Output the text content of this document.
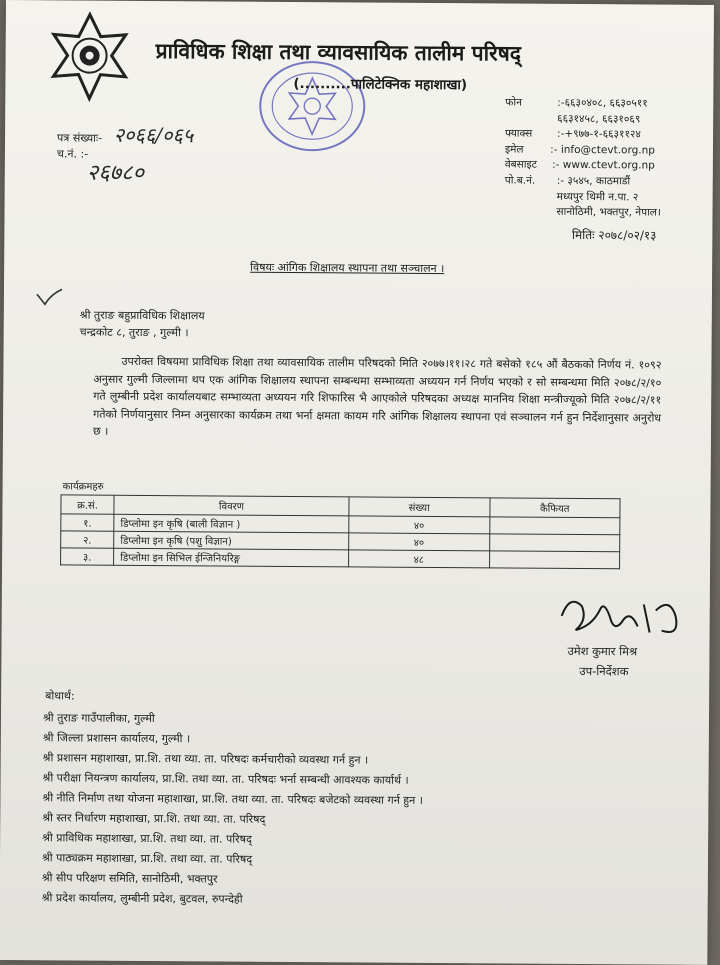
प्राविधिक शिक्षा तथा व्यावसायिक तालीम परिषद्
(..........पालिटेक्निक महाशाखा)
फोन	:-६६३०४०८, ६६३०५११
६६३१४५८, ६६३१०६९
फ्याक्स	:-+९७७-१-६६३११२४
इमेल	:- info@ctevt.org.np
वेबसाइट	:- www.ctevt.org.np
पो.ब.नं.	:- ३५४५, काठमाडौं
मध्यपुर थिमी न.पा. २
सानोठिमी, भक्तपुर, नेपाल।
पत्र संख्याः- २०६६/०६५
च.नं. :-
२६७८०
मितिः २०७८/०२/१३
विषयः आंगिक शिक्षालय स्थापना तथा सञ्चालन ।
श्री तुराङ बहुप्राविधिक शिक्षालय
चन्द्रकोट ८, तुराङ , गुल्मी ।
उपरोक्त विषयमा प्राविधिक शिक्षा तथा व्यावसायिक तालीम परिषदको मिति २०७७।११।२८ गते बसेको १८५ औं बैठकको निर्णय नं. १०९२ अनुसार गुल्मी जिल्लामा थप एक आंगिक शिक्षालय स्थापना सम्बन्धमा सम्भाव्यता अध्ययन गर्न निर्णय भएको र सो सम्बन्धमा मिति २०७८/२/१० गते लुम्बीनी प्रदेश कार्यालयबाट सम्भाव्यता अध्ययन गरि शिफारिस भै आएकोले परिषदका अध्यक्ष माननिय शिक्षा मन्त्रीज्यूको मिति २०७८/२/११ गतेको निर्णयानुसार निम्न अनुसारका कार्यक्रम तथा भर्ना क्षमता कायम गरि आंगिक शिक्षालय स्थापना एवं सञ्चालन गर्न हुन निर्देशानुसार अनुरोध छ ।
कार्यक्रमहरु
क्र.सं.	विवरण	संख्या	कैफियत
१.	डिप्लोमा इन कृषि (बाली विज्ञान )	४०	
२.	डिप्लोमा इन कृषि (पशु विज्ञान)	४०	
३.	डिप्लोमा इन सिभिल ईन्जिनियरिङ्ग	४८	
उमेश कुमार मिश्र
उप-निर्देशक
बोधार्थ:
श्री तुराङ गाउँपालीका, गुल्मी
श्री जिल्ला प्रशासन कार्यालय, गुल्मी ।
श्री प्रशासन महाशाखा, प्रा.शि. तथा व्या. ता. परिषदः कर्मचारीको व्यवस्था गर्न हुन ।
श्री परीक्षा नियन्त्रण कार्यालय, प्रा.शि. तथा व्या. ता. परिषदः भर्ना सम्बन्धी आवश्यक कार्यार्थ ।
श्री नीति निर्माण तथा योजना महाशाखा, प्रा.शि. तथा व्या. ता. परिषदः बजेटको व्यवस्था गर्न हुन ।
श्री स्तर निर्धारण महाशाखा, प्रा.शि. तथा व्या. ता. परिषद्
श्री प्राविधिक महाशाखा, प्रा.शि. तथा व्या. ता. परिषद्
श्री पाठ्यक्रम महाशाखा, प्रा.शि. तथा व्या. ता. परिषद्
श्री सीप परिक्षण समिति, सानोठिमी, भक्तपुर
श्री प्रदेश कार्यालय, लुम्बीनी प्रदेश, बुटवल, रुपन्देही
